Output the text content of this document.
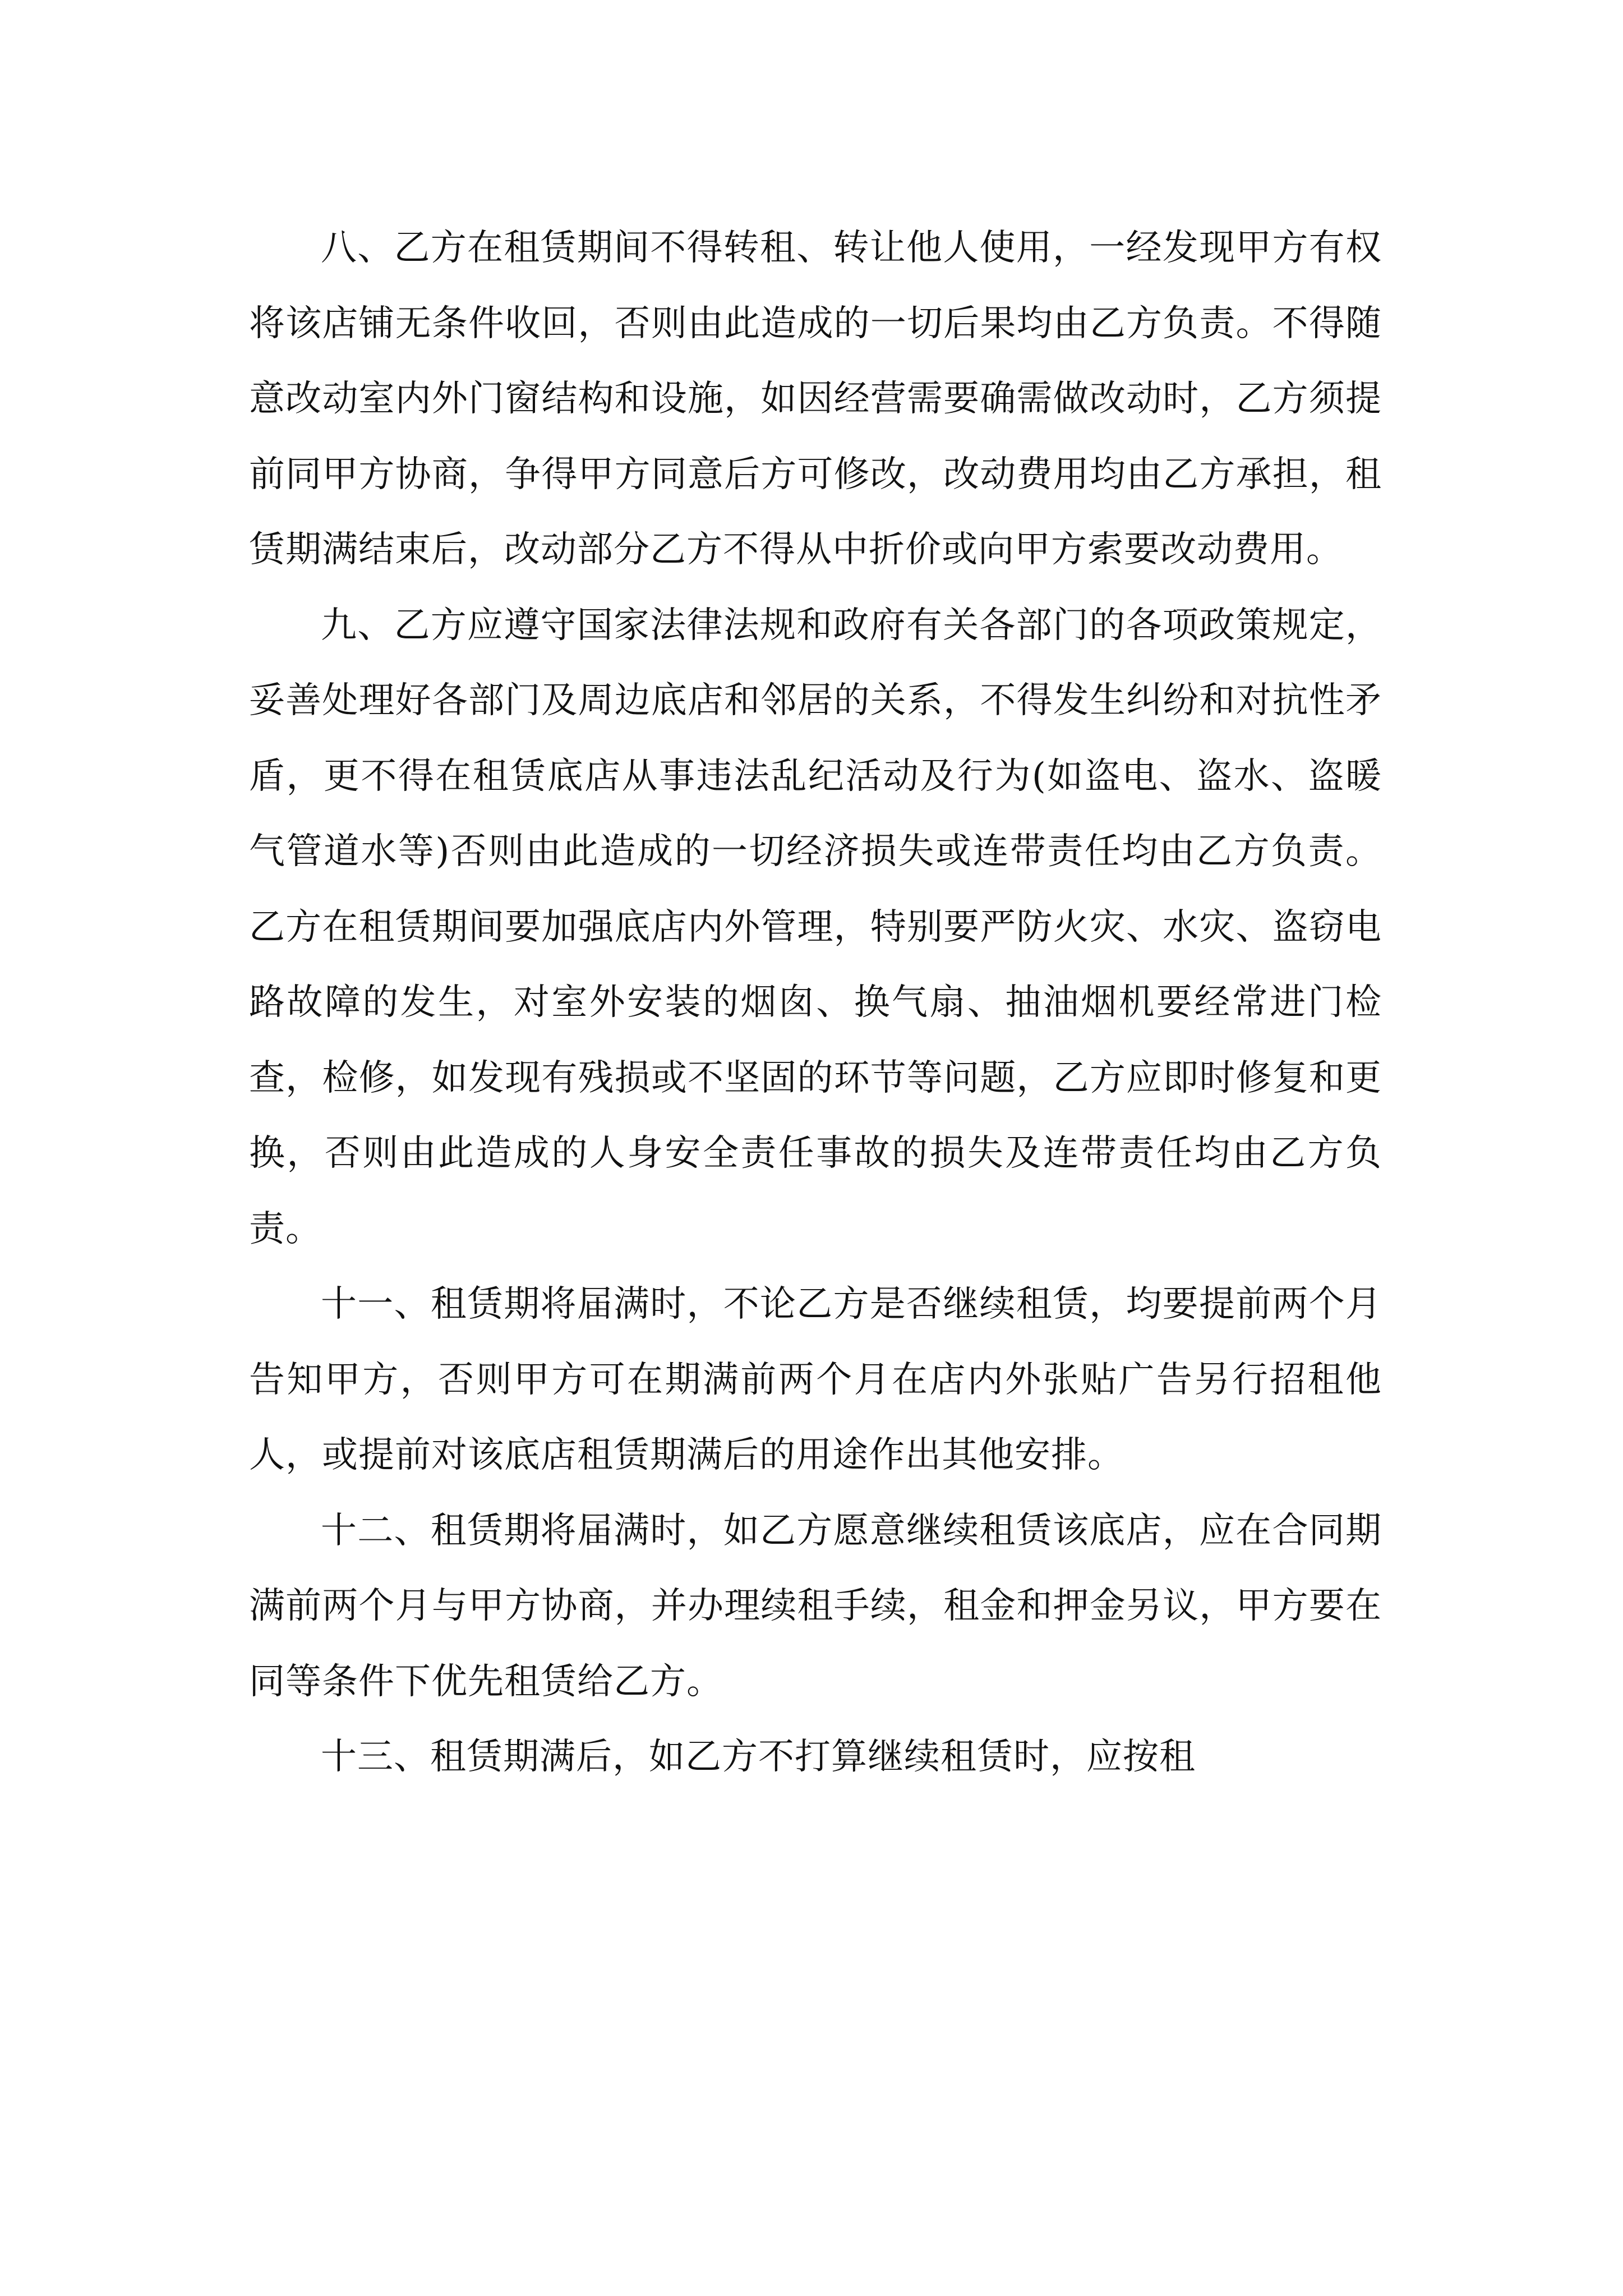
八、乙方在租赁期间不得转租、转让他人使用，一经发现甲方有权将该店铺无条件收回，否则由此造成的一切后果均由乙方负责。不得随意改动室内外门窗结构和设施，如因经营需要确需做改动时，乙方须提前同甲方协商，争得甲方同意后方可修改，改动费用均由乙方承担，租赁期满结束后，改动部分乙方不得从中折价或向甲方索要改动费用。

九、乙方应遵守国家法律法规和政府有关各部门的各项政策规定，妥善处理好各部门及周边底店和邻居的关系，不得发生纠纷和对抗性矛盾，更不得在租赁底店从事违法乱纪活动及行为(如盗电、盗水、盗暖气管道水等)否则由此造成的一切经济损失或连带责任均由乙方负责。乙方在租赁期间要加强底店内外管理，特别要严防火灾、水灾、盗窃电路故障的发生，对室外安装的烟囱、换气扇、抽油烟机要经常进门检查，检修，如发现有残损或不坚固的环节等问题，乙方应即时修复和更换，否则由此造成的人身安全责任事故的损失及连带责任均由乙方负责。

十一、租赁期将届满时，不论乙方是否继续租赁，均要提前两个月告知甲方，否则甲方可在期满前两个月在店内外张贴广告另行招租他人，或提前对该底店租赁期满后的用途作出其他安排。

十二、租赁期将届满时，如乙方愿意继续租赁该底店，应在合同期满前两个月与甲方协商，并办理续租手续，租金和押金另议，甲方要在同等条件下优先租赁给乙方。

十三、租赁期满后，如乙方不打算继续租赁时，应按租
